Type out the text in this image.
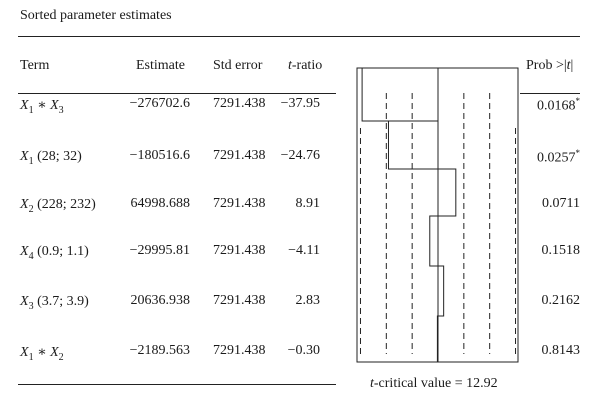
Sorted parameter estimates
Term	Estimate Std error t-ratio	Prob >|t|
$X_1$ ∗ $X_3$	−276702.6 7291.438	−37.95	0.0168*
$X_1$ (28; 32)	−180516.6 7291.438	−24.76	0.0257*
$X_2$ (228; 232)	64998.688 7291.438	8.91	0.0711
$X_4$ (0.9; 1.1)	−29995.81 7291.438	−4.11	0.1518
$X_3$ (3.7; 3.9)	20636.938 7291.438	2.83	0.2162
$X_1$ ∗ $X_2$	−2189.563 7291.438	−0.30	0.8143
t-critical value = 12.92
